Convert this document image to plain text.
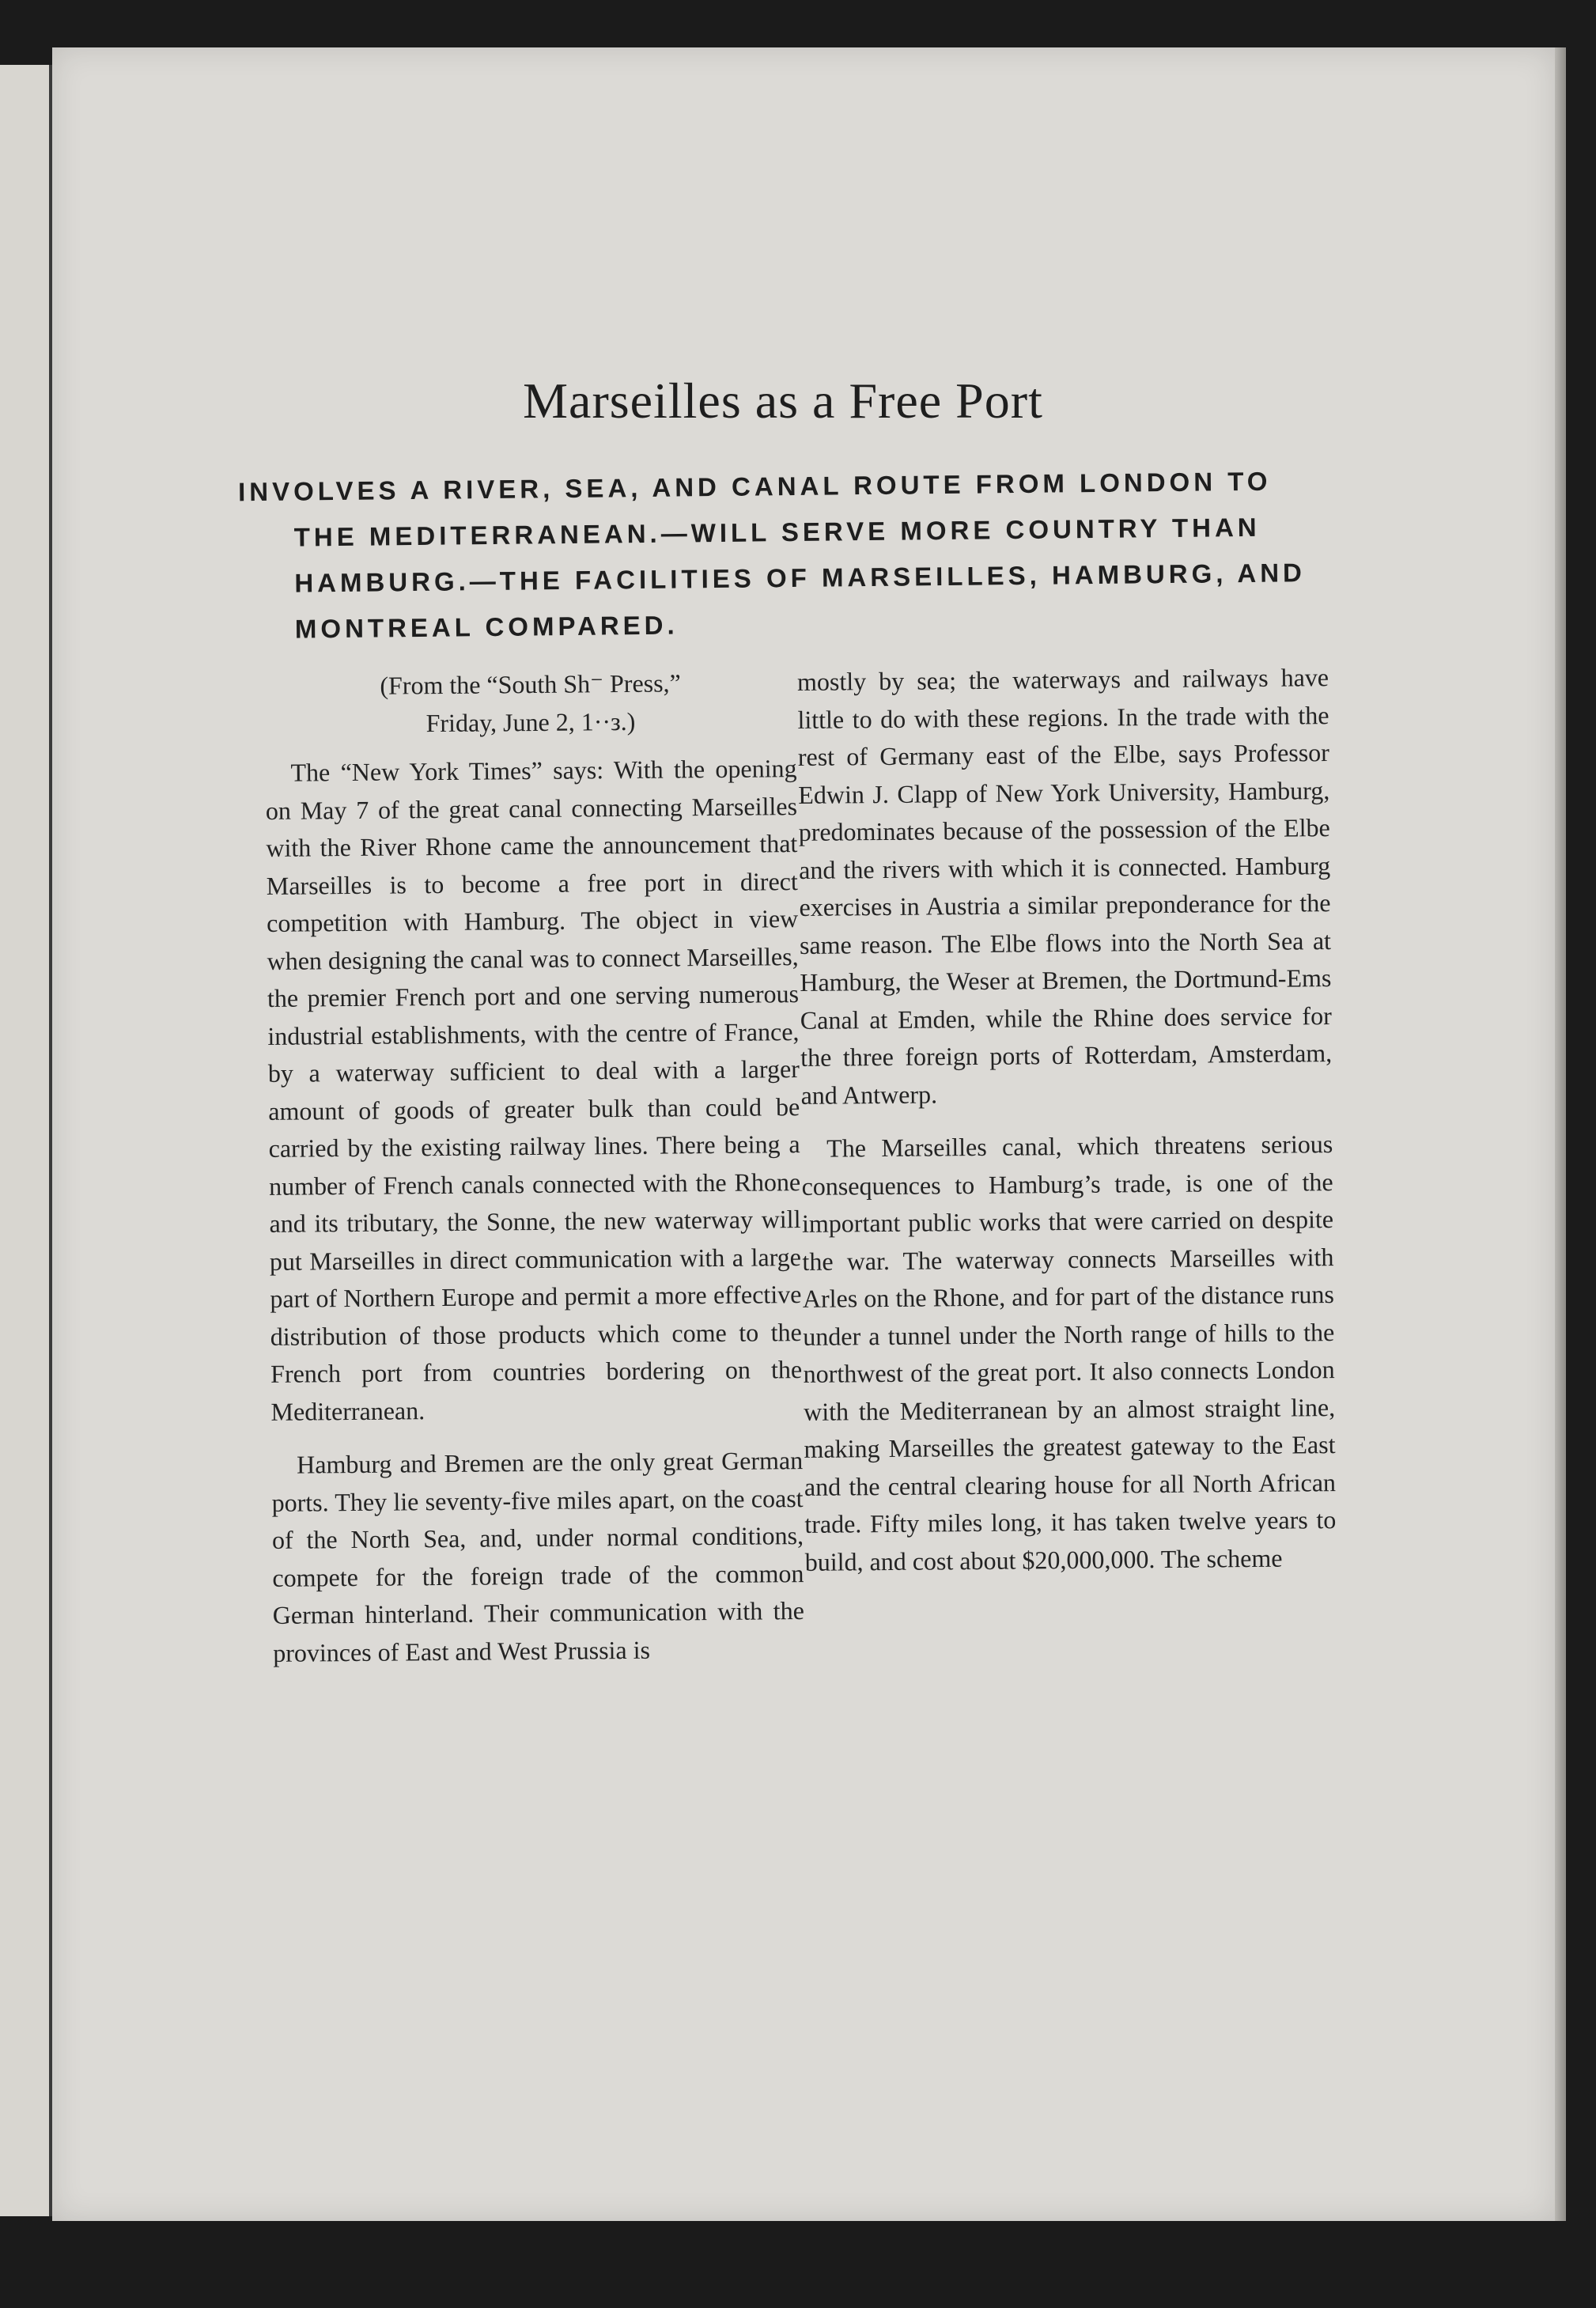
Marseilles as a Free Port
INVOLVES A RIVER, SEA, AND CANAL ROUTE FROM LONDON TO
THE MEDITERRANEAN.—WILL SERVE MORE COUNTRY THAN
HAMBURG.—THE FACILITIES OF MARSEILLES, HAMBURG, AND
MONTREAL COMPARED.
(From the “South Sh⁻ Press,”
Friday, June 2, 1··ᴈ.)

The “New York Times” says: With the opening on May 7 of the great canal connecting Marseilles with the River Rhone came the announcement that Marseilles is to become a free port in direct competition with Hamburg. The object in view when designing the canal was to connect Marseilles, the premier French port and one serving numerous industrial establishments, with the centre of France, by a waterway sufficient to deal with a larger amount of goods of greater bulk than could be carried by the existing railway lines. There being a number of French canals connected with the Rhone and its tributary, the Sonne, the new waterway will put Marseilles in direct communication with a large part of Northern Europe and permit a more effective distribution of those products which come to the French port from countries bordering on the Mediterranean.

Hamburg and Bremen are the only great German ports. They lie seventy-five miles apart, on the coast of the North Sea, and, under normal conditions, compete for the foreign trade of the common German hinterland. Their communication with the provinces of East and West Prussia is

mostly by sea; the waterways and railways have little to do with these regions. In the trade with the rest of Germany east of the Elbe, says Professor Edwin J. Clapp of New York University, Hamburg, predominates because of the possession of the Elbe and the rivers with which it is connected. Hamburg exercises in Austria a similar preponderance for the same reason. The Elbe flows into the North Sea at Hamburg, the Weser at Bremen, the Dortmund-Ems Canal at Emden, while the Rhine does service for the three foreign ports of Rotterdam, Amsterdam, and Antwerp.

The Marseilles canal, which threatens serious consequences to Hamburg’s trade, is one of the important public works that were carried on despite the war. The waterway connects Marseilles with Arles on the Rhone, and for part of the distance runs under a tunnel under the North range of hills to the northwest of the great port. It also connects London with the Mediterranean by an almost straight line, making Marseilles the greatest gateway to the East and the central clearing house for all North African trade. Fifty miles long, it has taken twelve years to build, and cost about $20,000,000. The scheme
